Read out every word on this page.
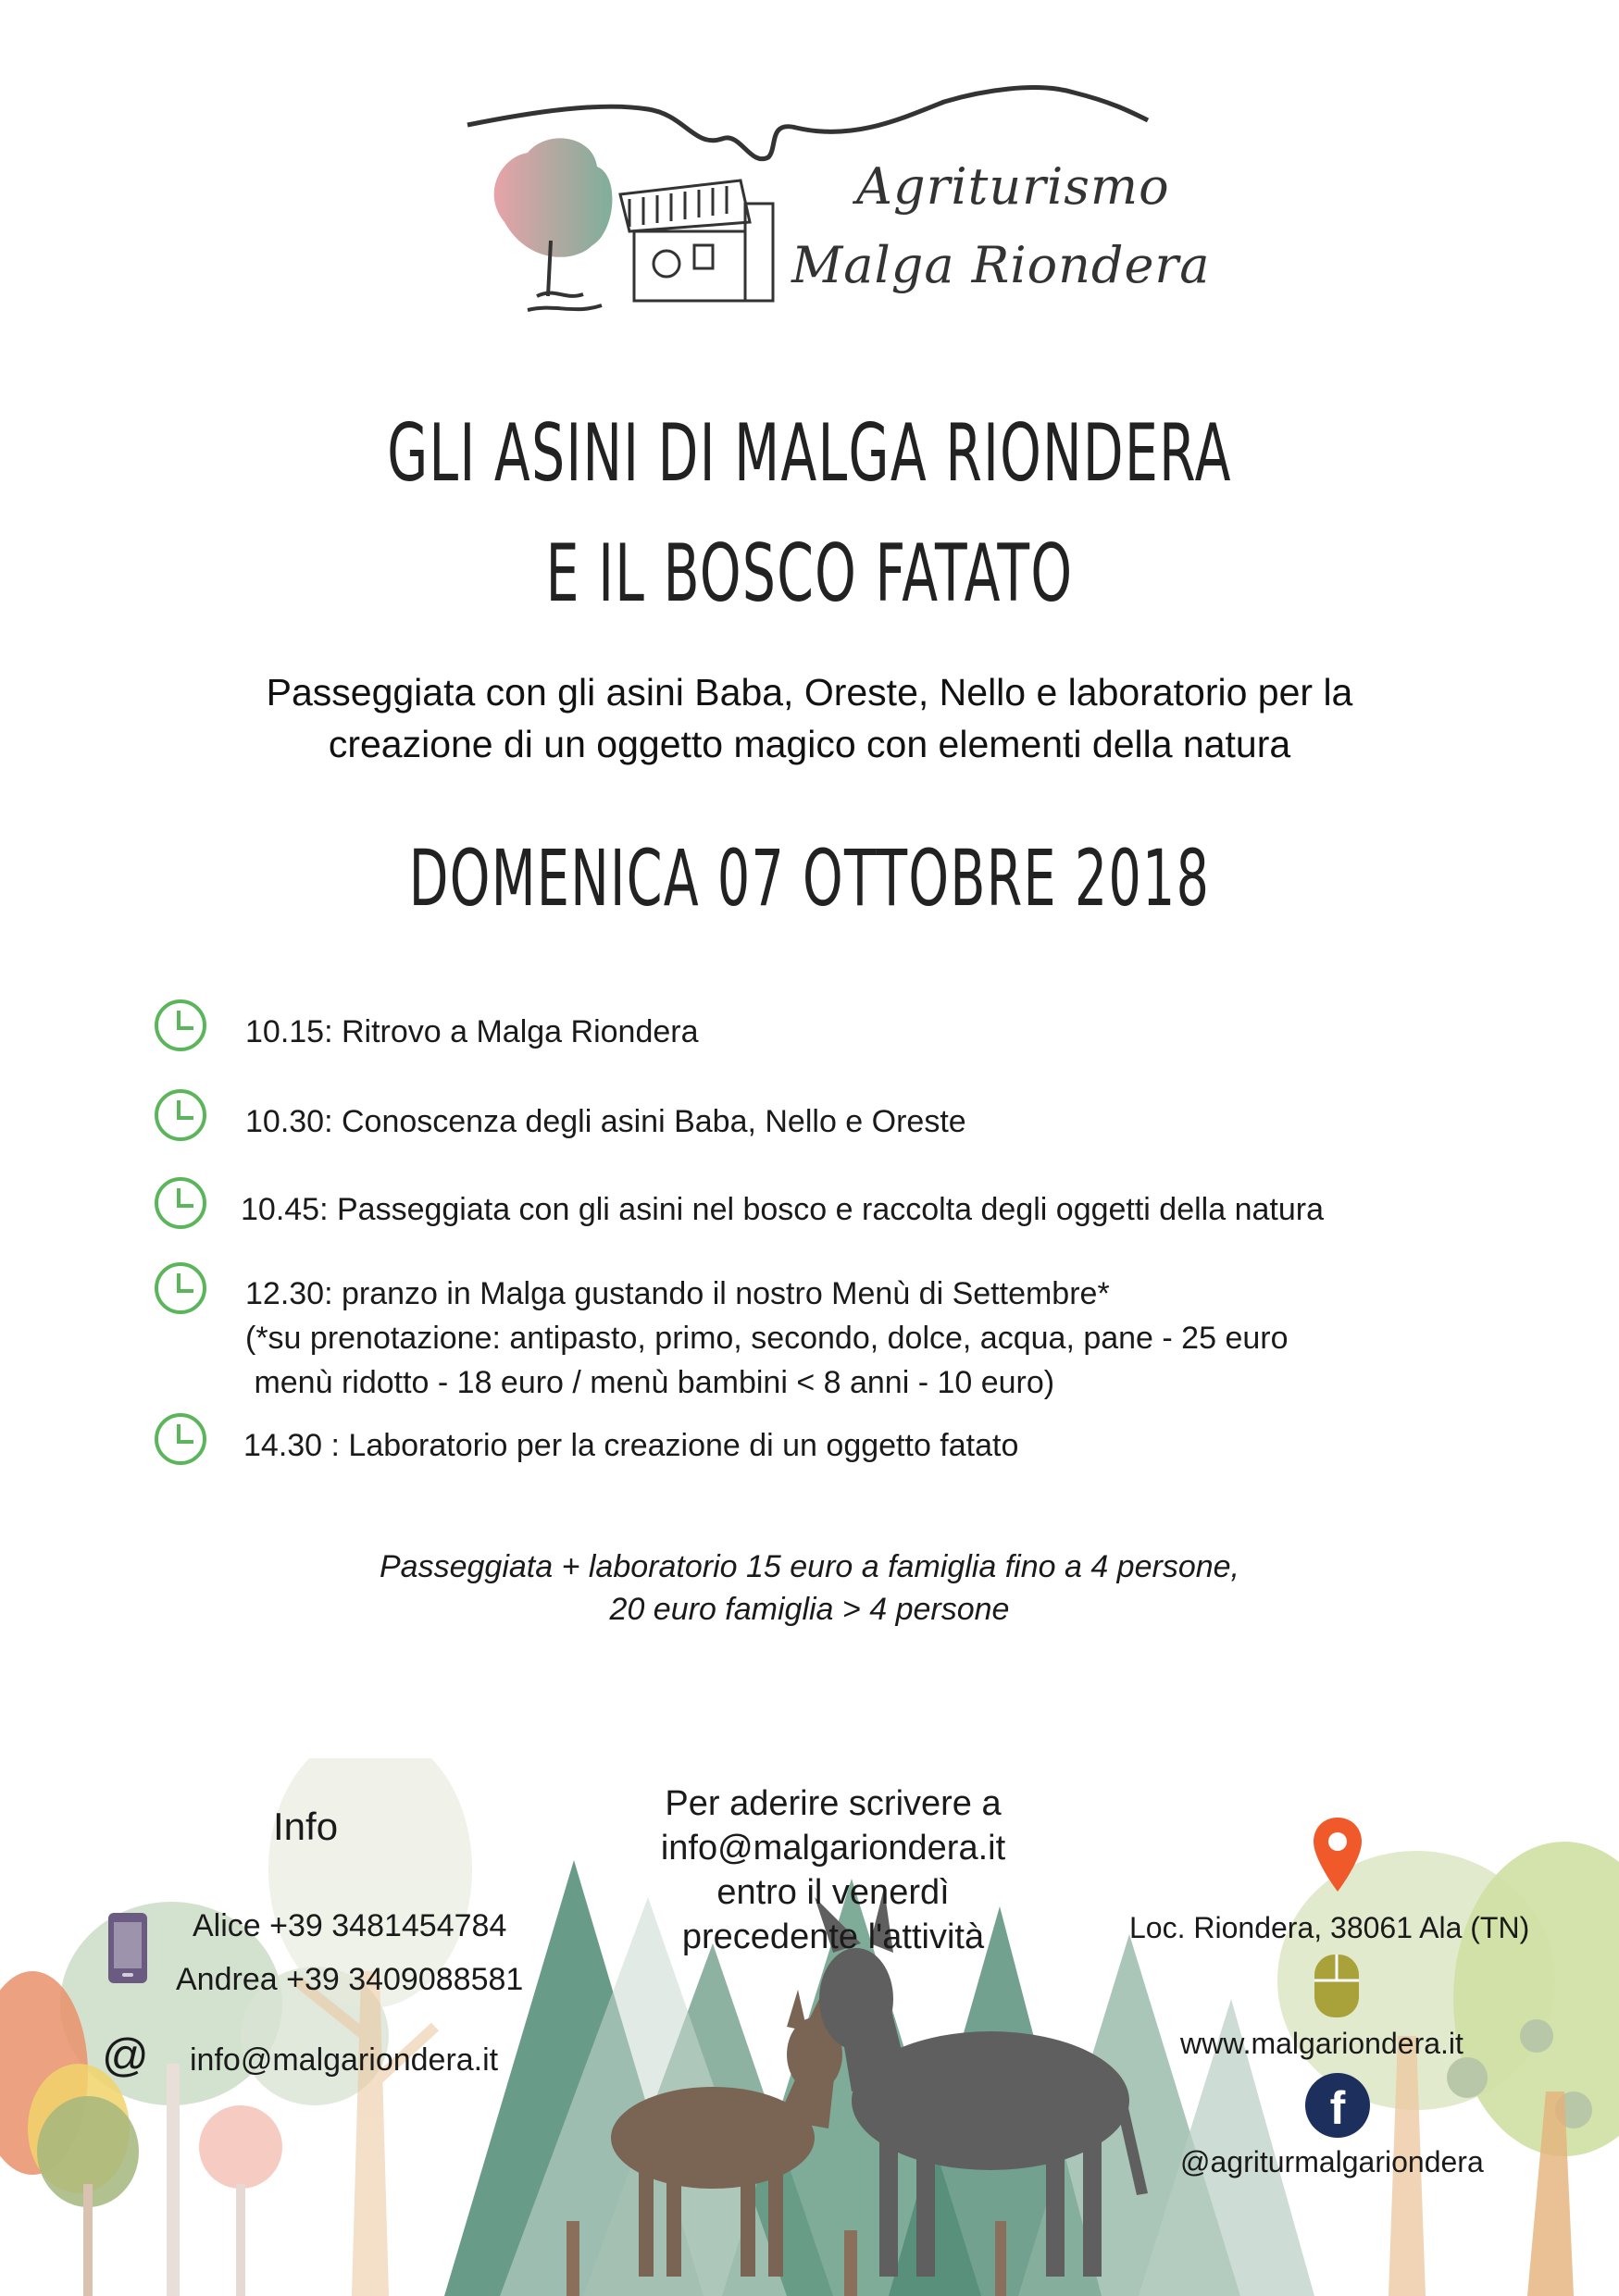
Agriturismo
Malga Riondera
GLI ASINI DI MALGA RIONDERA
E IL BOSCO FATATO
Passeggiata con gli asini Baba, Oreste, Nello e laboratorio per la
creazione di un oggetto magico con elementi della natura
DOMENICA 07 OTTOBRE 2018
10.15: Ritrovo a Malga Riondera
10.30: Conoscenza degli asini Baba, Nello e Oreste
10.45: Passeggiata con gli asini nel bosco e raccolta degli oggetti della natura
12.30: pranzo in Malga gustando il nostro Menù di Settembre*
(*su prenotazione: antipasto, primo, secondo, dolce, acqua, pane - 25 euro
menù ridotto - 18 euro / menù bambini < 8 anni - 10 euro)
14.30 : Laboratorio per la creazione di un oggetto fatato
Passeggiata + laboratorio 15 euro a famiglia fino a 4 persone,
20 euro famiglia > 4 persone
Info
Alice +39 3481454784
Andrea +39 3409088581
@ info@malgariondera.it
Per aderire scrivere a
info@malgariondera.it
entro il venerdì
precedente l'attività	Loc. Riondera, 38061 Ala (TN)
www.malgariondera.it
f
@agriturmalgariondera
